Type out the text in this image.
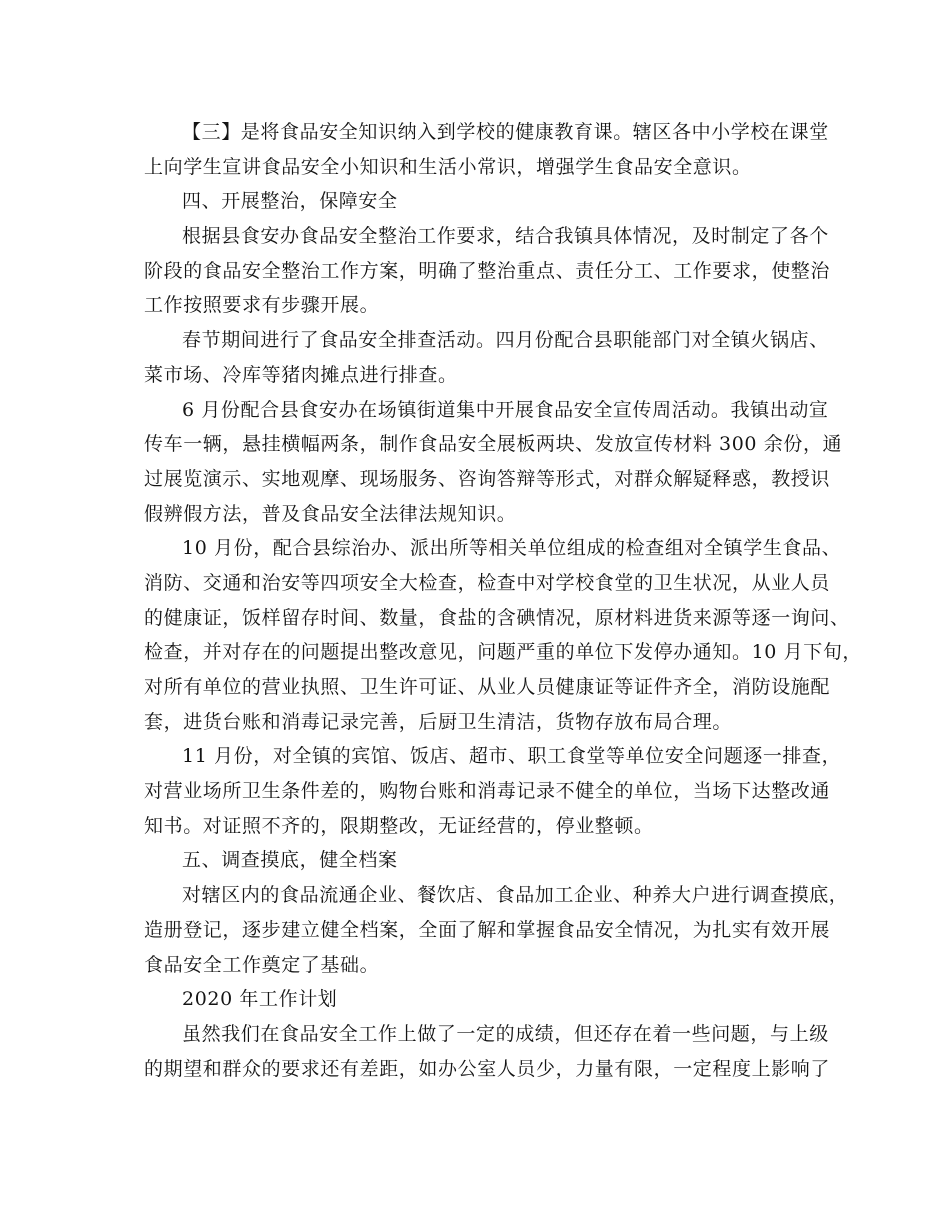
【三】是将食品安全知识纳入到学校的健康教育课。辖区各中小学校在课堂
上向学生宣讲食品安全小知识和生活小常识，增强学生食品安全意识。
四、开展整治，保障安全
根据县食安办食品安全整治工作要求，结合我镇具体情况，及时制定了各个
阶段的食品安全整治工作方案，明确了整治重点、责任分工、工作要求，使整治
工作按照要求有步骤开展。
春节期间进行了食品安全排查活动。四月份配合县职能部门对全镇火锅店、
菜市场、冷库等猪肉摊点进行排查。
6 月份配合县食安办在场镇街道集中开展食品安全宣传周活动。我镇出动宣
传车一辆，悬挂横幅两条，制作食品安全展板两块、发放宣传材料 300 余份，通
过展览演示、实地观摩、现场服务、咨询答辩等形式，对群众解疑释惑，教授识
假辨假方法，普及食品安全法律法规知识。
10 月份，配合县综治办、派出所等相关单位组成的检查组对全镇学生食品、
消防、交通和治安等四项安全大检查，检查中对学校食堂的卫生状况，从业人员
的健康证，饭样留存时间、数量，食盐的含碘情况，原材料进货来源等逐一询问、
检查，并对存在的问题提出整改意见，问题严重的单位下发停办通知。10 月下旬，
对所有单位的营业执照、卫生许可证、从业人员健康证等证件齐全，消防设施配
套，进货台账和消毒记录完善，后厨卫生清洁，货物存放布局合理。
11 月份，对全镇的宾馆、饭店、超市、职工食堂等单位安全问题逐一排查，
对营业场所卫生条件差的，购物台账和消毒记录不健全的单位，当场下达整改通
知书。对证照不齐的，限期整改，无证经营的，停业整顿。
五、调查摸底，健全档案
对辖区内的食品流通企业、餐饮店、食品加工企业、种养大户进行调查摸底，
造册登记，逐步建立健全档案，全面了解和掌握食品安全情况，为扎实有效开展
食品安全工作奠定了基础。
2020 年工作计划
虽然我们在食品安全工作上做了一定的成绩，但还存在着一些问题，与上级
的期望和群众的要求还有差距，如办公室人员少，力量有限，一定程度上影响了
